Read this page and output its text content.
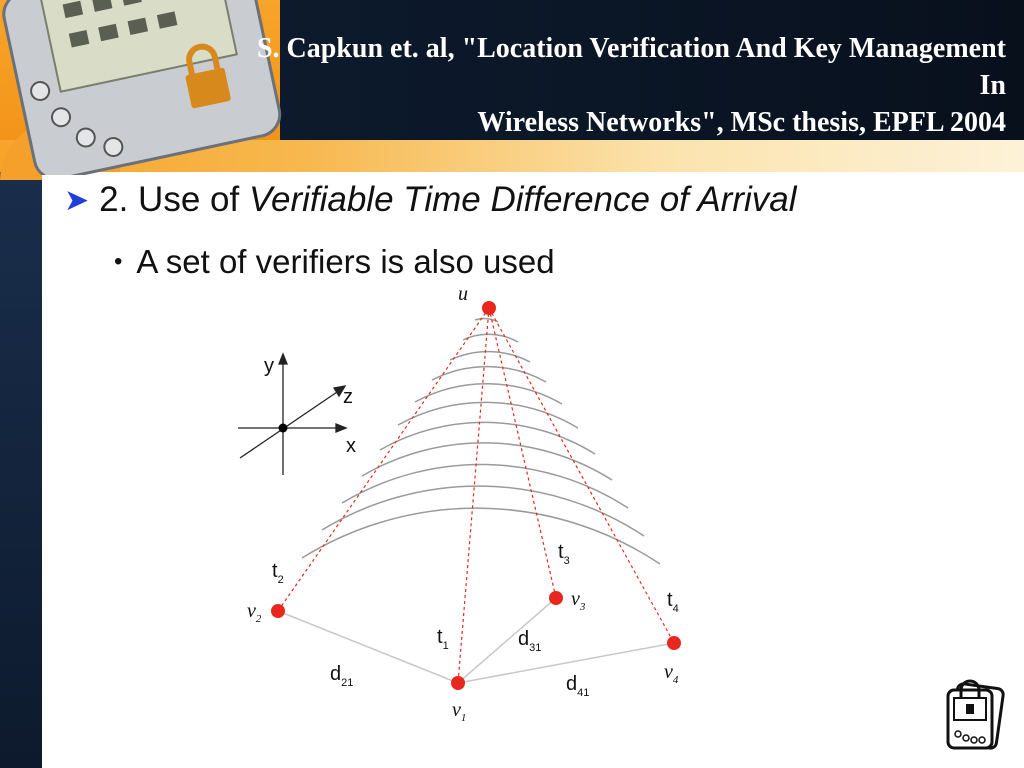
S. Capkun et. al, "Location Verification And Key Management In
Wireless Networks", MSc thesis, EPFL 2004
➤ 2. Use of Verifiable Time Difference of Arrival
• A set of verifiers is also used
y
z
x
u
$v_2$
$v_1$
$v_3$
$v_4$
$t_2$
$t_1$
$t_3$
$t_4$
$d_{21}$
$d_{31}$
$d_{41}$
